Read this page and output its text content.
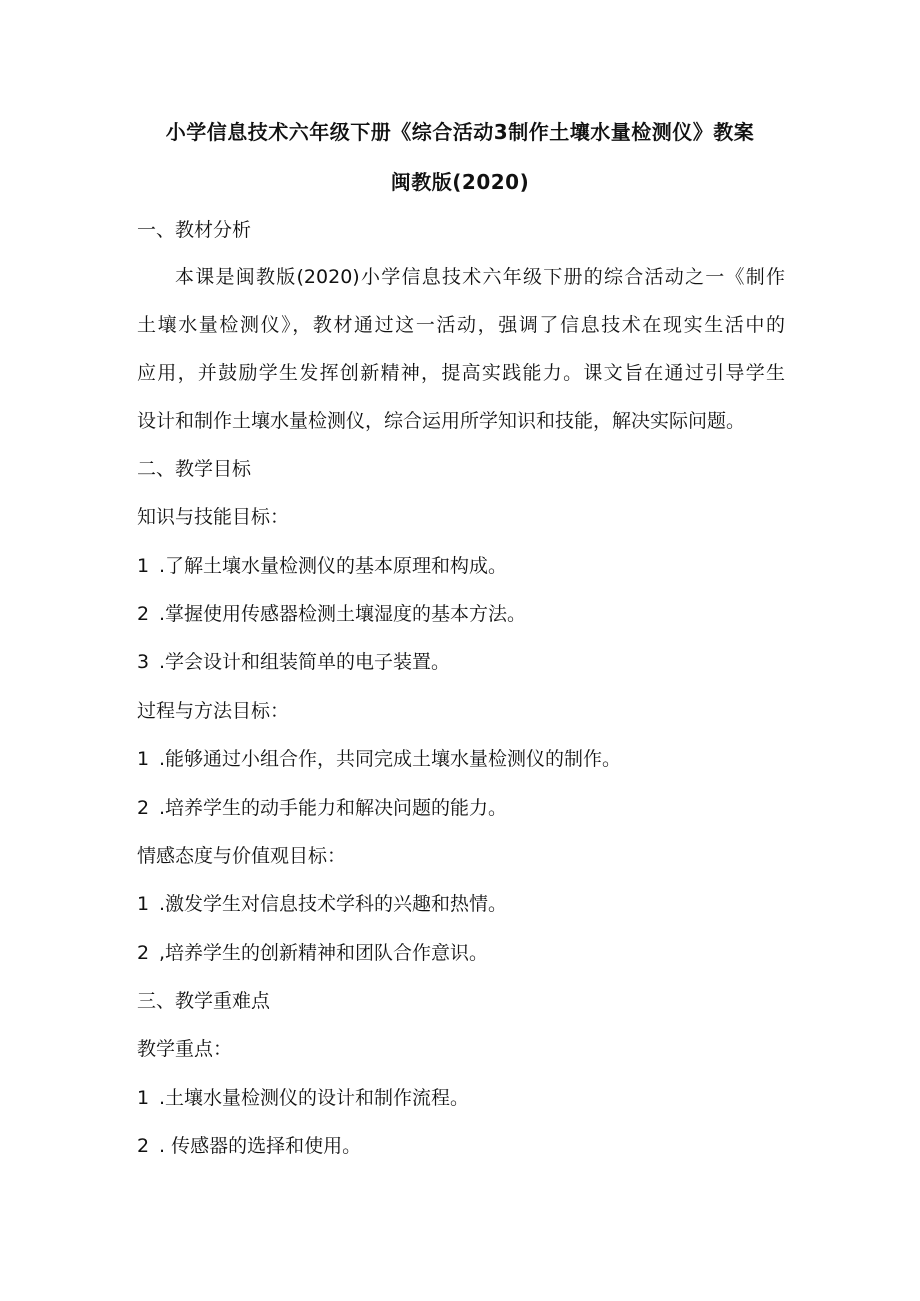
小学信息技术六年级下册《综合活动3制作土壤水量检测仪》教案
闽教版(2020)
一、教材分析
本课是闽教版(2020)小学信息技术六年级下册的综合活动之一《制作
土壤水量检测仪》，教材通过这一活动，强调了信息技术在现实生活中的
应用，并鼓励学生发挥创新精神，提高实践能力。课文旨在通过引导学生
设计和制作土壤水量检测仪，综合运用所学知识和技能，解决实际问题。
二、教学目标
知识与技能目标：
1 .了解土壤水量检测仪的基本原理和构成。
2 .掌握使用传感器检测土壤湿度的基本方法。
3 .学会设计和组装简单的电子装置。
过程与方法目标：
1 .能够通过小组合作，共同完成土壤水量检测仪的制作。
2 .培养学生的动手能力和解决问题的能力。
情感态度与价值观目标：
1 .激发学生对信息技术学科的兴趣和热情。
2 ,培养学生的创新精神和团队合作意识。
三、教学重难点
教学重点：
1 .土壤水量检测仪的设计和制作流程。
2 . 传感器的选择和使用。
